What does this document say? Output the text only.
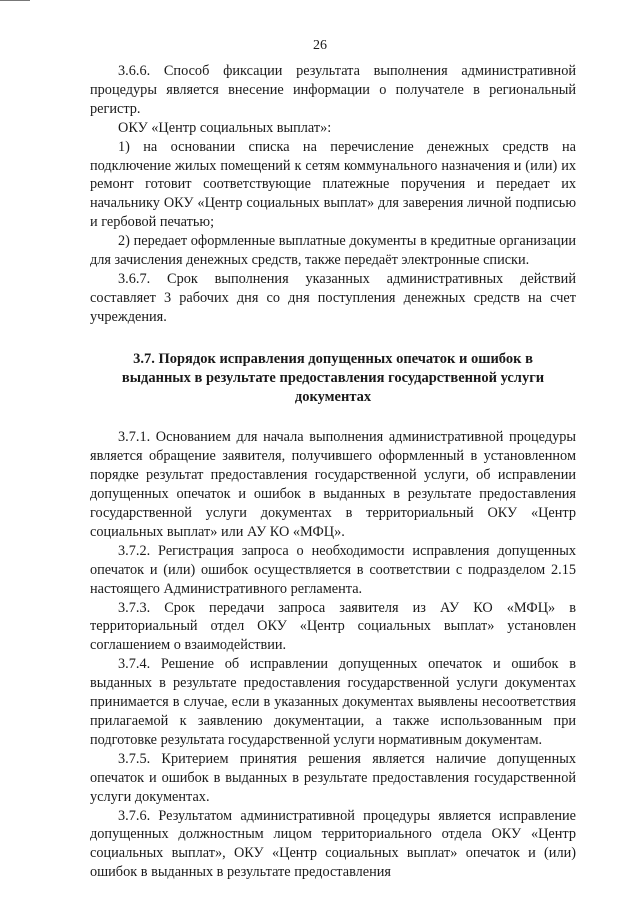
26

3.6.6. Способ фиксации результата выполнения административной процедуры является внесение информации о получателе в региональный регистр.

ОКУ «Центр социальных выплат»:

1) на основании списка на перечисление денежных средств на подключение жилых помещений к сетям коммунального назначения и (или) их ремонт готовит соответствующие платежные поручения и передает их начальнику ОКУ «Центр социальных выплат» для заверения личной подписью и гербовой печатью;

2) передает оформленные выплатные документы в кредитные организации для зачисления денежных средств, также передаёт электронные списки.

3.6.7. Срок выполнения указанных административных действий составляет 3 рабочих дня со дня поступления денежных средств на счет учреждения.

3.7. Порядок исправления допущенных опечаток и ошибок в выданных в результате предоставления государственной услуги документах

3.7.1. Основанием для начала выполнения административной процедуры является обращение заявителя, получившего оформленный в установленном порядке результат предоставления государственной услуги, об исправлении допущенных опечаток и ошибок в выданных в результате предоставления государственной услуги документах в территориальный ОКУ «Центр социальных выплат» или АУ КО «МФЦ».

3.7.2. Регистрация запроса о необходимости исправления допущенных опечаток и (или) ошибок осуществляется в соответствии с подразделом 2.15 настоящего Административного регламента.

3.7.3. Срок передачи запроса заявителя из АУ КО «МФЦ» в территориальный отдел ОКУ «Центр социальных выплат» установлен соглашением о взаимодействии.

3.7.4. Решение об исправлении допущенных опечаток и ошибок в выданных в результате предоставления государственной услуги документах принимается в случае, если в указанных документах выявлены несоответствия прилагаемой к заявлению документации, а также использованным при подготовке результата государственной услуги нормативным документам.

3.7.5. Критерием принятия решения является наличие допущенных опечаток и ошибок в выданных в результате предоставления государственной услуги документах.

3.7.6. Результатом административной процедуры является исправление допущенных должностным лицом территориального отдела ОКУ «Центр социальных выплат», ОКУ «Центр социальных выплат» опечаток и (или) ошибок в выданных в результате предоставления
